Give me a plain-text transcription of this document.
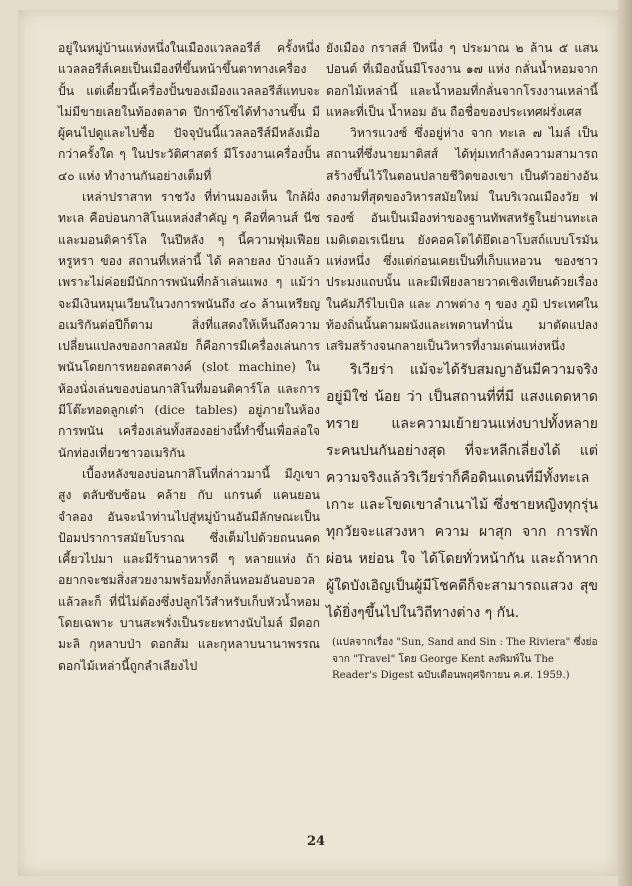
อยู่ในหมู่บ้านแห่งหนึ่งในเมืองแวลลอรีส์ ครั้งหนึ่งแวลลอรีส์เคยเป็นเมืองที่ขึ้นหน้าขึ้นตาทางเครื่องปั้น แต่เดี๋ยวนี้เครื่องปั้นของเมืองแวลลอรีส์แทบจะไม่มีขายเลยในท้องตลาด ปีกาซ์โซได้ทำงานขึ้น มีผู้คนไปดูและไปซื้อ ปัจจุบันนี้แวลลอรีส์มีหลังเมื่อกว่าครั้งใด ๆ ในประวัติศาสตร์ มีโรงงานเครื่องปั้น ๔๐ แห่ง ทำงานกันอย่างเต็มที่

เหล่าปราสาท ราชวัง ที่ท่านมองเห็น ใกล้ฝั่งทะเล คือบ่อนกาสิโนแหล่งสำคัญ ๆ คือที่คานส์ นีซ และมอนติคาร์โล ในปีหลัง ๆ นี้ความฟุ่มเฟือย หรูหรา ของ สถานที่เหล่านี้ ได้ คลายลง บ้างแล้ว เพราะไม่ค่อยมีนักการพนันที่กล้าเล่นแพง ๆ แม้ว่าจะมีเงินหมุนเวียนในวงการพนันถึง ๔๐ ล้านเหรียญอเมริกันต่อปีก็ตาม สิ่งที่แสดงให้เห็นถึงความเปลี่ยนแปลงของกาลสมัย ก็คือการมีเครื่องเล่นการพนันโดยการหยอดสตางค์ (slot machine) ในห้องนั่งเล่นของบ่อนกาสิโนที่มอนติคาร์โล และการมีโต๊ะทอดลูกเต๋า (dice tables) อยู่ภายในห้องการพนัน เครื่องเล่นทั้งสองอย่างนี้ทำขึ้นเพื่อล่อใจนักท่องเที่ยวชาวอเมริกัน

เบื้องหลังของบ่อนกาสิโนที่กล่าวมานี้ มีภูเขาสูง ตลับซับซ้อน คล้าย กับ แกรนด์ แคนยอน จำลอง อันจะนำท่านไปสู่หมู่บ้านอันมีลักษณะเป็นป้อมปราการสมัยโบราณ ซึ่งเต็มไปด้วยถนนคดเคี้ยวไปมา และมีร้านอาหารดี ๆ หลายแห่ง ถ้าอยากจะชมสิ่งสวยงามพร้อมทั้งกลิ่นหอมอันอบอวลแล้วละก็ ที่นี่ไม่ต้องซึ่งปลูกไว้สำหรับเก็บหัวน้ำหอมโดยเฉพาะ บานสะพรั่งเป็นระยะทางนับไมล์ มีดอกมะลิ กุหลาบป่า ดอกส้ม และกุหลาบนานาพรรณ ดอกไม้เหล่านี้ถูกลำเลียงไป

ยังเมือง กราสส์ ปีหนึ่ง ๆ ประมาณ ๒ ล้าน ๕ แสนปอนด์ ที่เมืองนั้นมีโรงงาน ๑๗ แห่ง กลั่นน้ำหอมจากดอกไม้เหล่านี้ และน้ำหอมที่กลั่นจากโรงงานเหล่านี้ แหละที่เป็น น้ำหอม อัน ถือชื่อของประเทศฝรั่งเศส

วิหารแวงซ์ ซึ่งอยู่ห่าง จาก ทะเล ๗ ไมล์ เป็นสถานที่ซึ่งนายมาติสส์ ได้ทุ่มเทกำลังความสามารถสร้างขึ้นไว้ในตอนปลายชีวิตของเขา เป็นตัวอย่างอันงดงามที่สุดของวิหารสมัยใหม่ ในบริเวณเมืองวัย ฟรองซ์ อันเป็นเมืองท่าของฐานทัพสหรัฐในย่านทะเลเมดิเตอเรเนียน ยังคอคโตได้ยึดเอาโบสถ์แบบโรมันแห่งหนึ่ง ซึ่งแต่ก่อนเคยเป็นที่เก็บแหอวน ของชาว ประมงแถบนั้น และมีเพียงลายวาดเชิงเทียนด้วยเรื่องในคัมภีร์ไบเบิล และ ภาพต่าง ๆ ของ ภูมิ ประเทศในท้องถิ่นนั้นตามผนังและเพดานทำนั่น มาตัดแปลงเสริมสร้างจนกลายเป็นวิหารที่งามเด่นแห่งหนึ่ง

ริเวียร่า แม้จะได้รับสมญาอันมีความจริงอยู่มิใช่ น้อย ว่า เป็นสถานที่ที่มี แสงแดดหาดทราย และความเย้ายวนแห่งบาปทั้งหลายระคนปนกันอย่างสุด ที่จะหลีกเลี่ยงได้ แต่ความจริงแล้วริเวียร่าก็คือดินแดนที่มีทั้งทะเล เกาะ และโขดเขาลำเนาไม้ ซึ่งชายหญิงทุกรุ่นทุกวัยจะแสวงหา ความ ผาสุก จาก การพัก ผ่อน หย่อน ใจ ได้โดยทั่วหน้ากัน และถ้าหากผู้ใดบังเอิญเป็นผู้มีโชคดีก็จะสามารถแสวง สุข ได้ยิ่งๆขึ้นไปในวิถีทางต่าง ๆ กัน.

(แปลจากเรื่อง "Sun, Sand and Sin : The Riviera" ซึ่งย่อจาก "Travel" โดย George Kent ลงพิมพ์ใน The Reader's Digest ฉบับเดือนพฤศจิกายน ค.ศ. 1959.)

24
